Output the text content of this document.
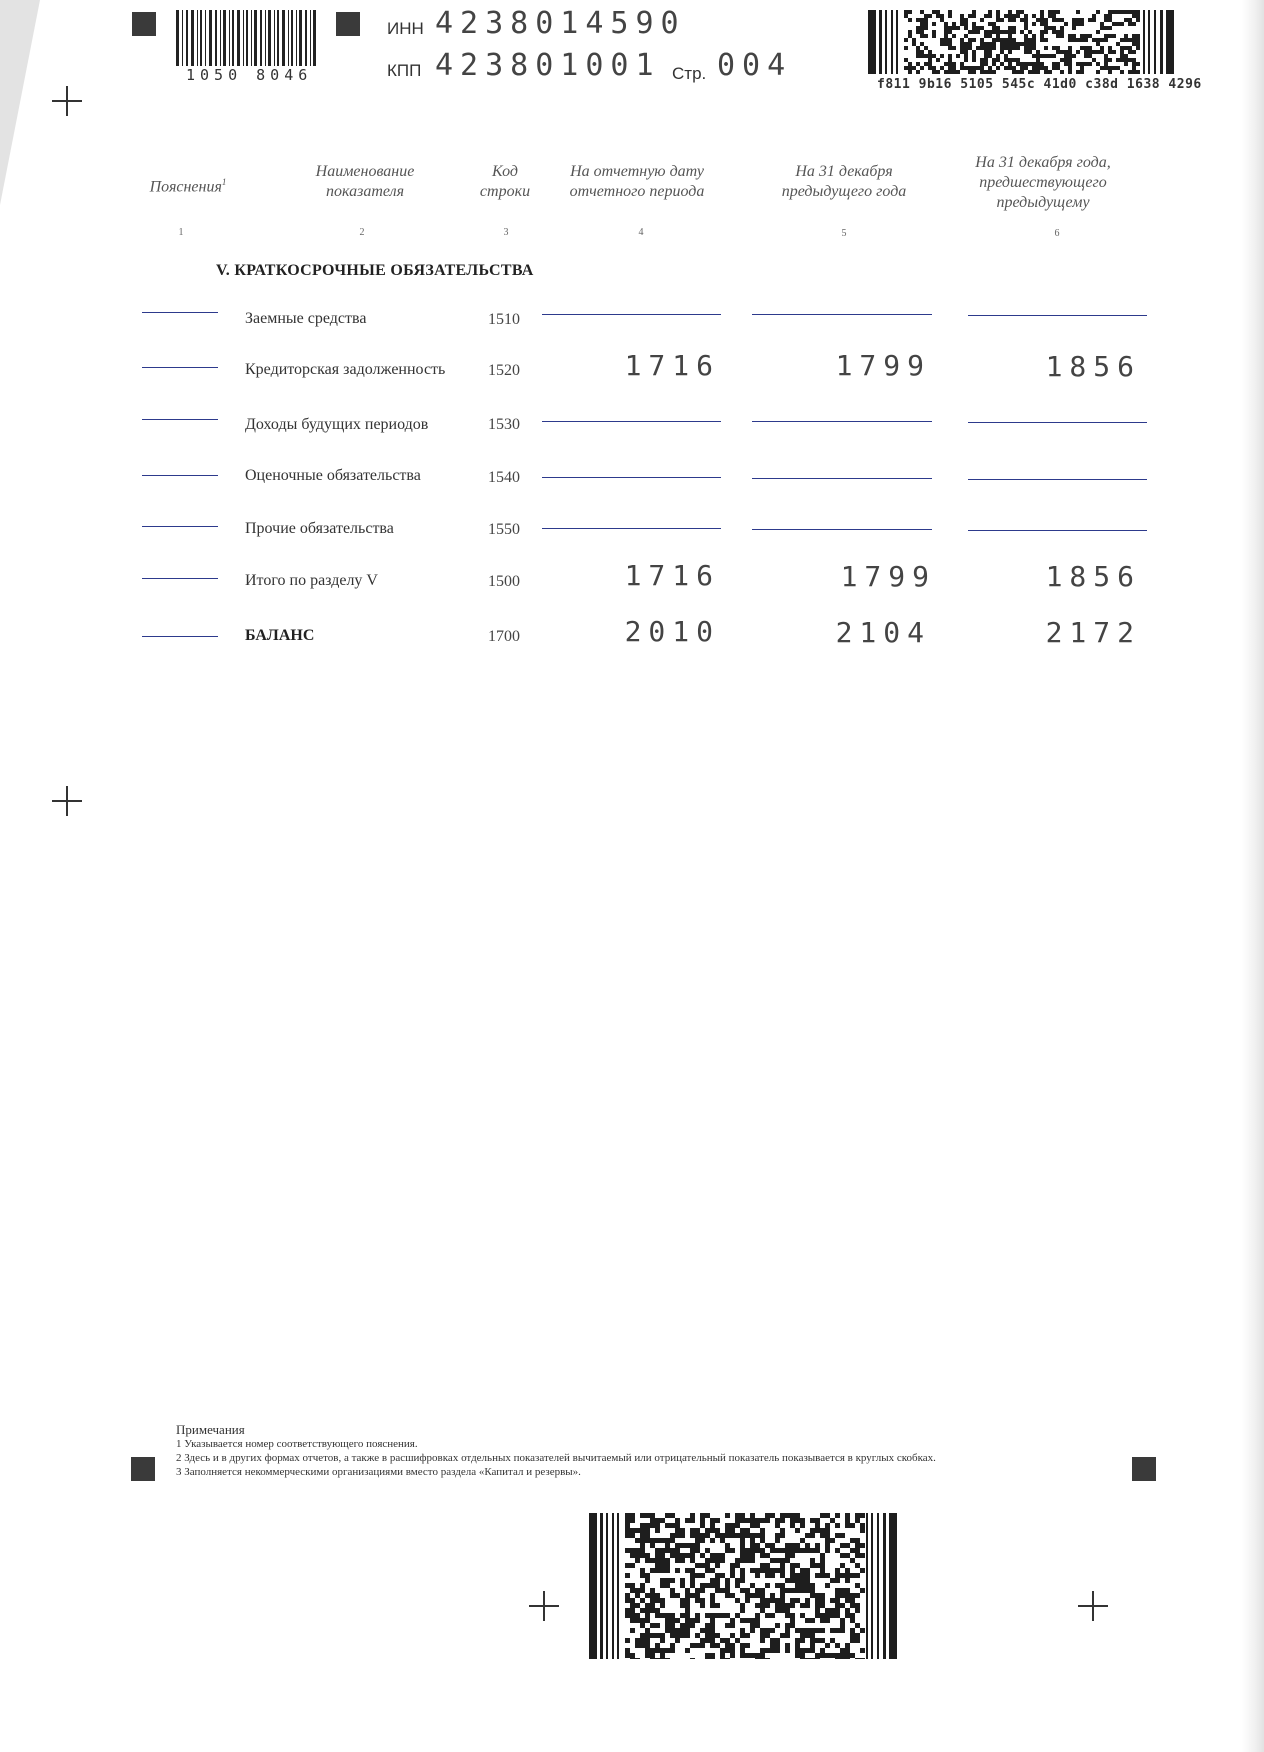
1050 8046
ИНН 4238014590
КПП 423801001 Стр. 004
f811 9b16 5105 545c 41d0 c38d 1638 4296
Пояснения$^1$
Наименование
показателя
Код
строки
На отчетную дату
отчетного периода
На 31 декабря
предыдущего года
На 31 декабря года,
предшествующего
предыдущему
1	2	3	4	5	6
V. КРАТКОСРОЧНЫЕ ОБЯЗАТЕЛЬСТВА
Заемные средства	1510
Кредиторская задолженность	1520	1716	1799	1856
Доходы будущих периодов	1530
Оценочные обязательства	1540
Прочие обязательства	1550
Итого по разделу V	1500	1716	1799	1856
БАЛАНС	1700	2010	2104	2172
Примечания
1 Указывается номер соответствующего пояснения.
2 Здесь и в других формах отчетов, а также в расшифровках отдельных показателей вычитаемый или отрицательный показатель показывается в круглых скобках.
3 Заполняется некоммерческими организациями вместо раздела «Капитал и резервы».
